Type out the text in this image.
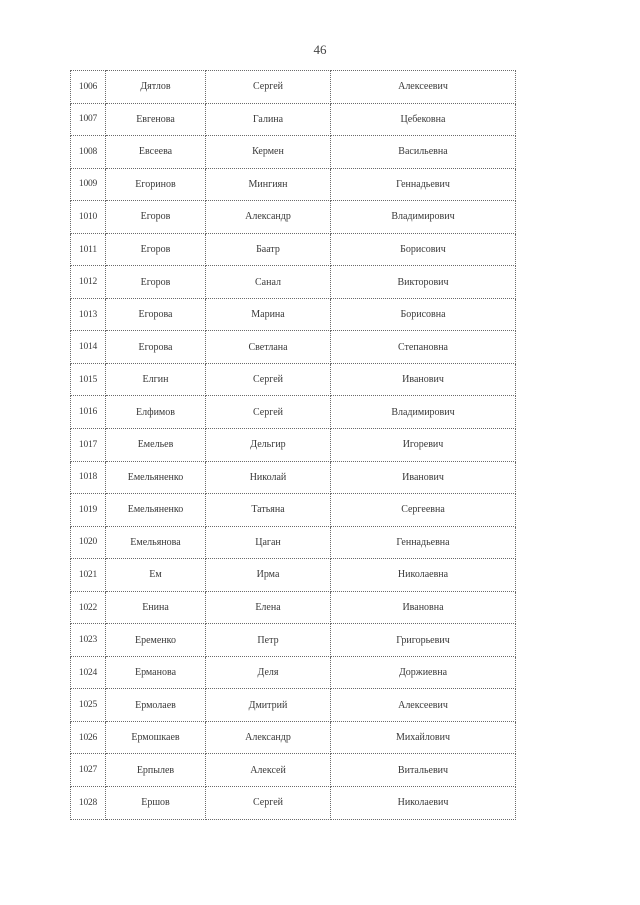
46
1006	Дятлов	Сергей	Алексеевич
1007	Евгенова	Галина	Цебековна
1008	Евсеева	Кермен	Васильевна
1009	Егоринов	Мингиян	Геннадьевич
1010	Егоров	Александр	Владимирович
1011	Егоров	Баатр	Борисович
1012	Егоров	Санал	Викторович
1013	Егорова	Марина	Борисовна
1014	Егорова	Светлана	Степановна
1015	Елгин	Сергей	Иванович
1016	Елфимов	Сергей	Владимирович
1017	Емельев	Дельгир	Игоревич
1018	Емельяненко	Николай	Иванович
1019	Емельяненко	Татьяна	Сергеевна
1020	Емельянова	Цаган	Геннадьевна
1021	Ем	Ирма	Николаевна
1022	Енина	Елена	Ивановна
1023	Еременко	Петр	Григорьевич
1024	Ерманова	Деля	Доржиевна
1025	Ермолаев	Дмитрий	Алексеевич
1026	Ермошкаев	Александр	Михайлович
1027	Ерпылев	Алексей	Витальевич
1028	Ершов	Сергей	Николаевич
